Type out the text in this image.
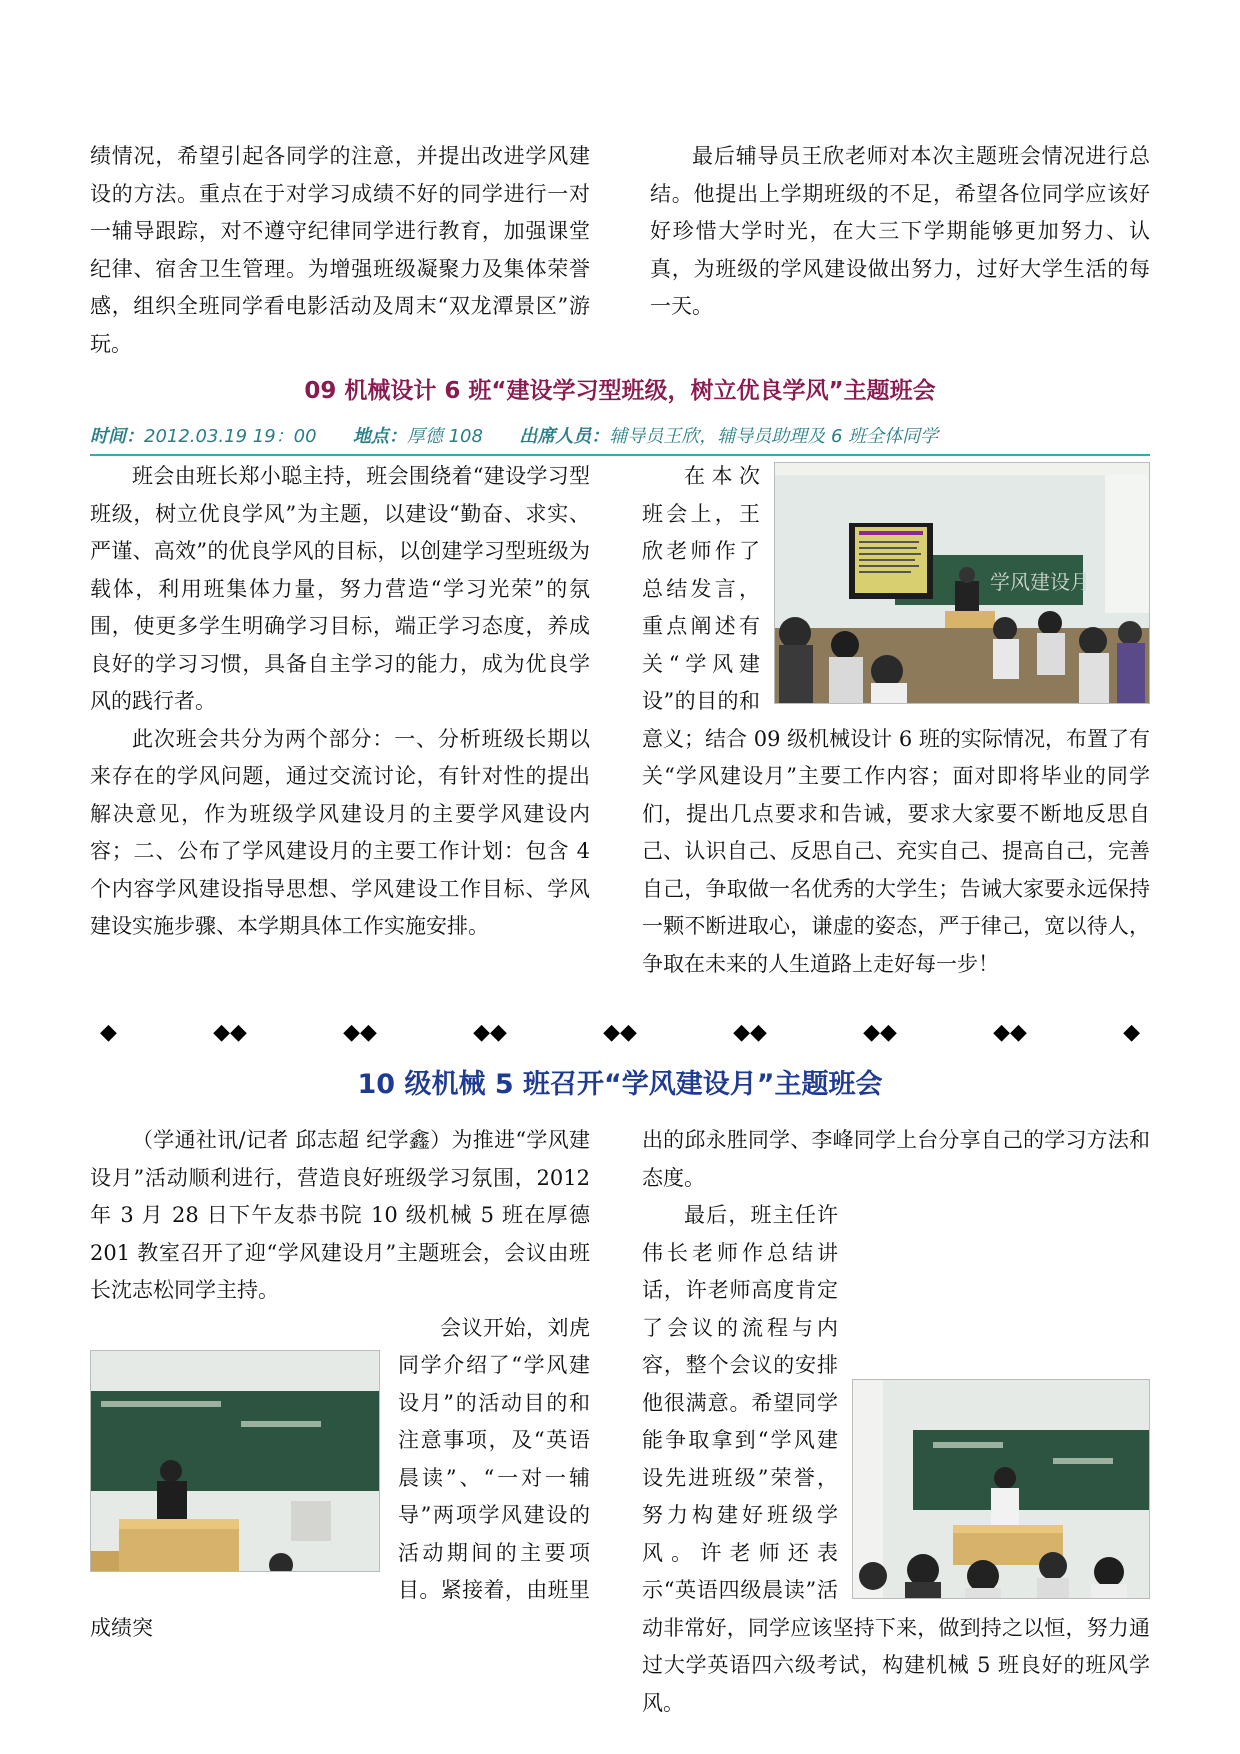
绩情况，希望引起各同学的注意，并提出改进学风建设的方法。重点在于对学习成绩不好的同学进行一对一辅导跟踪，对不遵守纪律同学进行教育，加强课堂纪律、宿舍卫生管理。为增强班级凝聚力及集体荣誉感，组织全班同学看电影活动及周末“双龙潭景区”游玩。

最后辅导员王欣老师对本次主题班会情况进行总结。他提出上学期班级的不足，希望各位同学应该好好珍惜大学时光，在大三下学期能够更加努力、认真，为班级的学风建设做出努力，过好大学生活的每一天。

09 机械设计 6 班“建设学习型班级，树立优良学风”主题班会
时间：2012.03.19 19：00 地点：厚德 108 出席人员：辅导员王欣，辅导员助理及 6 班全体同学

班会由班长郑小聪主持，班会围绕着“建设学习型班级，树立优良学风”为主题，以建设“勤奋、求实、严谨、高效”的优良学风的目标，以创建学习型班级为载体，利用班集体力量，努力营造“学习光荣”的氛围，使更多学生明确学习目标，端正学习态度，养成良好的学习习惯，具备自主学习的能力，成为优良学风的践行者。

此次班会共分为两个部分：一、分析班级长期以来存在的学风问题，通过交流讨论，有针对性的提出解决意见，作为班级学风建设月的主要学风建设内容；二、公布了学风建设月的主要工作计划：包含 4 个内容学风建设指导思想、学风建设工作目标、学风建设实施步骤、本学期具体工作实施安排。

学风建设月

在本次班会上，王欣老师作了总结发言，重点阐述有关“学风建设”的目的和意义；结合 09 级机械设计 6 班的实际情况，布置了有关“学风建设月”主要工作内容；面对即将毕业的同学们，提出几点要求和告诫，要求大家要不断地反思自己、认识自己、反思自己、充实自己、提高自己，完善自己，争取做一名优秀的大学生；告诫大家要永远保持一颗不断进取心，谦虚的姿态，严于律己，宽以待人，争取在未来的人生道路上走好每一步！

◆	◆◆	◆◆	◆◆	◆◆	◆◆	◆◆	◆◆	◆
10 级机械 5 班召开“学风建设月”主题班会

（学通社讯/记者 邱志超 纪学鑫）为推进“学风建设月”活动顺利进行，营造良好班级学习氛围，2012 年 3 月 28 日下午友恭书院 10 级机械 5 班在厚德 201 教室召开了迎“学风建设月”主题班会，会议由班长沈志松同学主持。

会议开始，刘虎同学介绍了“学风建设月”的活动目的和注意事项，及“英语晨读”、“一对一辅导”两项学风建设的活动期间的主要项目。紧接着，由班里成绩突

出的邱永胜同学、李峰同学上台分享自己的学习方法和态度。

最后，班主任许伟长老师作总结讲话，许老师高度肯定了会议的流程与内容，整个会议的安排他很满意。希望同学能争取拿到“学风建设先进班级”荣誉，努力构建好班级学风。许老师还表示“英语四级晨读”活动非常好，同学应该坚持下来，做到持之以恒，努力通过大学英语四六级考试，构建机械 5 班良好的班风学风。
